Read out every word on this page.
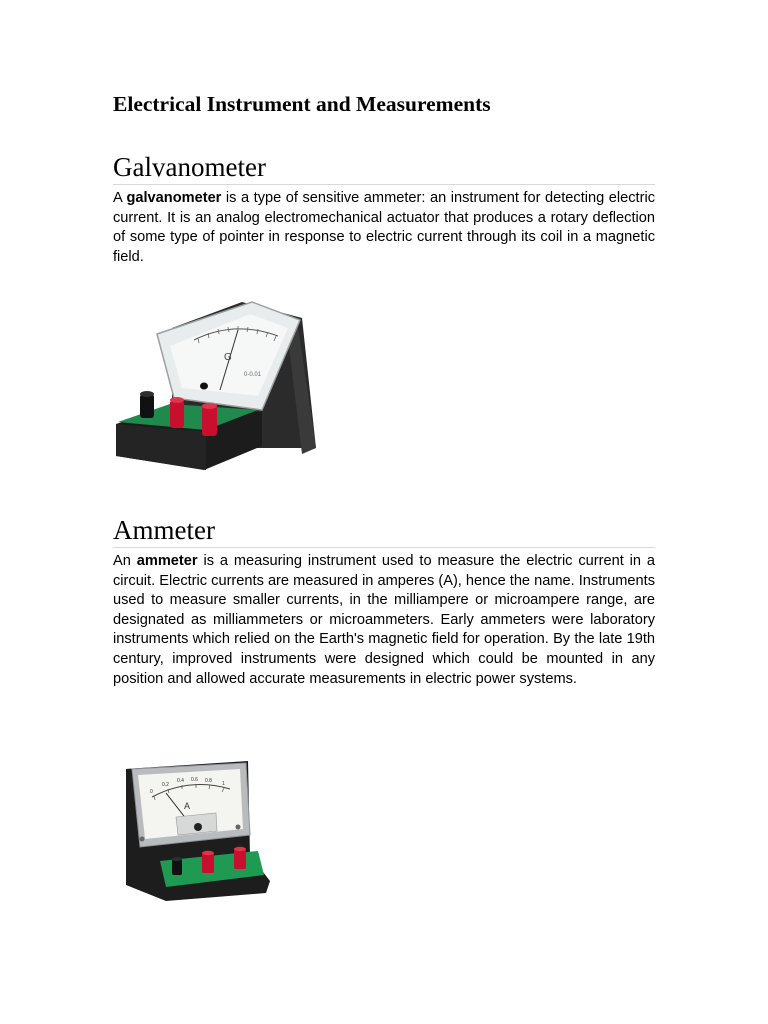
Electrical Instrument and Measurements
Galvanometer

A galvanometer is a type of sensitive ammeter: an instrument for detecting electric current. It is an analog electromechanical actuator that produces a rotary deflection of some type of pointer in response to electric current through its coil in a magnetic field.

G
0-0.01
Ammeter

An ammeter is a measuring instrument used to measure the electric current in a circuit. Electric currents are measured in amperes (A), hence the name. Instruments used to measure smaller currents, in the milliampere or microampere range, are designated as milliammeters or microammeters. Early ammeters were laboratory instruments which relied on the Earth's magnetic field for operation. By the late 19th century, improved instruments were designed which could be mounted in any position and allowed accurate measurements in electric power systems.

0
0.2
0.4 0.6 0.8 1
A
